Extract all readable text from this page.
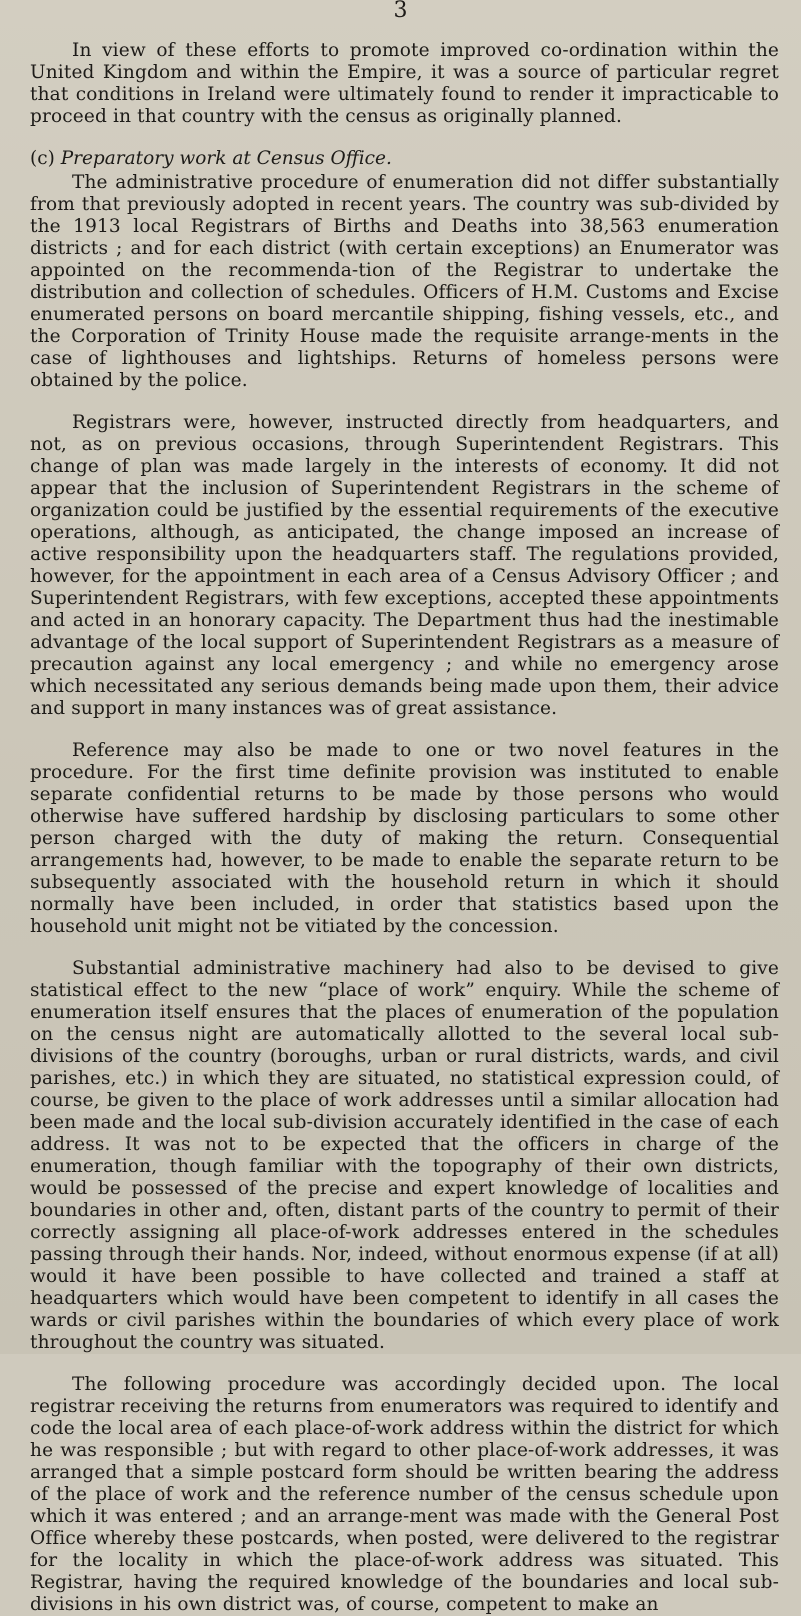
3

In view of these efforts to promote improved co-ordination within the United Kingdom and within the Empire, it was a source of particular regret that conditions in Ireland were ultimately found to render it impracticable to proceed in that country with the census as originally planned.

(c) Preparatory work at Census Office.

The administrative procedure of enumeration did not differ substantially from that previously adopted in recent years. The country was sub-divided by the 1913 local Registrars of Births and Deaths into 38,563 enumeration districts ; and for each district (with certain exceptions) an Enumerator was appointed on the recommenda-tion of the Registrar to undertake the distribution and collection of schedules. Officers of H.M. Customs and Excise enumerated persons on board mercantile shipping, fishing vessels, etc., and the Corporation of Trinity House made the requisite arrange-ments in the case of lighthouses and lightships. Returns of homeless persons were obtained by the police.

Registrars were, however, instructed directly from headquarters, and not, as on previous occasions, through Superintendent Registrars. This change of plan was made largely in the interests of economy. It did not appear that the inclusion of Superintendent Registrars in the scheme of organization could be justified by the essential requirements of the executive operations, although, as anticipated, the change imposed an increase of active responsibility upon the headquarters staff. The regulations provided, however, for the appointment in each area of a Census Advisory Officer ; and Superintendent Registrars, with few exceptions, accepted these appointments and acted in an honorary capacity. The Department thus had the inestimable advantage of the local support of Superintendent Registrars as a measure of precaution against any local emergency ; and while no emergency arose which necessitated any serious demands being made upon them, their advice and support in many instances was of great assistance.

Reference may also be made to one or two novel features in the procedure. For the first time definite provision was instituted to enable separate confidential returns to be made by those persons who would otherwise have suffered hardship by disclosing particulars to some other person charged with the duty of making the return. Consequential arrangements had, however, to be made to enable the separate return to be subsequently associated with the household return in which it should normally have been included, in order that statistics based upon the household unit might not be vitiated by the concession.

Substantial administrative machinery had also to be devised to give statistical effect to the new “place of work” enquiry. While the scheme of enumeration itself ensures that the places of enumeration of the population on the census night are automatically allotted to the several local sub-divisions of the country (boroughs, urban or rural districts, wards, and civil parishes, etc.) in which they are situated, no statistical expression could, of course, be given to the place of work addresses until a similar allocation had been made and the local sub-division accurately identified in the case of each address. It was not to be expected that the officers in charge of the enumeration, though familiar with the topography of their own districts, would be possessed of the precise and expert knowledge of localities and boundaries in other and, often, distant parts of the country to permit of their correctly assigning all place-of-work addresses entered in the schedules passing through their hands. Nor, indeed, without enormous expense (if at all) would it have been possible to have collected and trained a staff at headquarters which would have been competent to identify in all cases the wards or civil parishes within the boundaries of which every place of work throughout the country was situated.

The following procedure was accordingly decided upon. The local registrar receiving the returns from enumerators was required to identify and code the local area of each place-of-work address within the district for which he was responsible ; but with regard to other place-of-work addresses, it was arranged that a simple postcard form should be written bearing the address of the place of work and the reference number of the census schedule upon which it was entered ; and an arrange-ment was made with the General Post Office whereby these postcards, when posted, were delivered to the registrar for the locality in which the place-of-work address was situated. This Registrar, having the required knowledge of the boundaries and local sub-divisions in his own district was, of course, competent to make an
